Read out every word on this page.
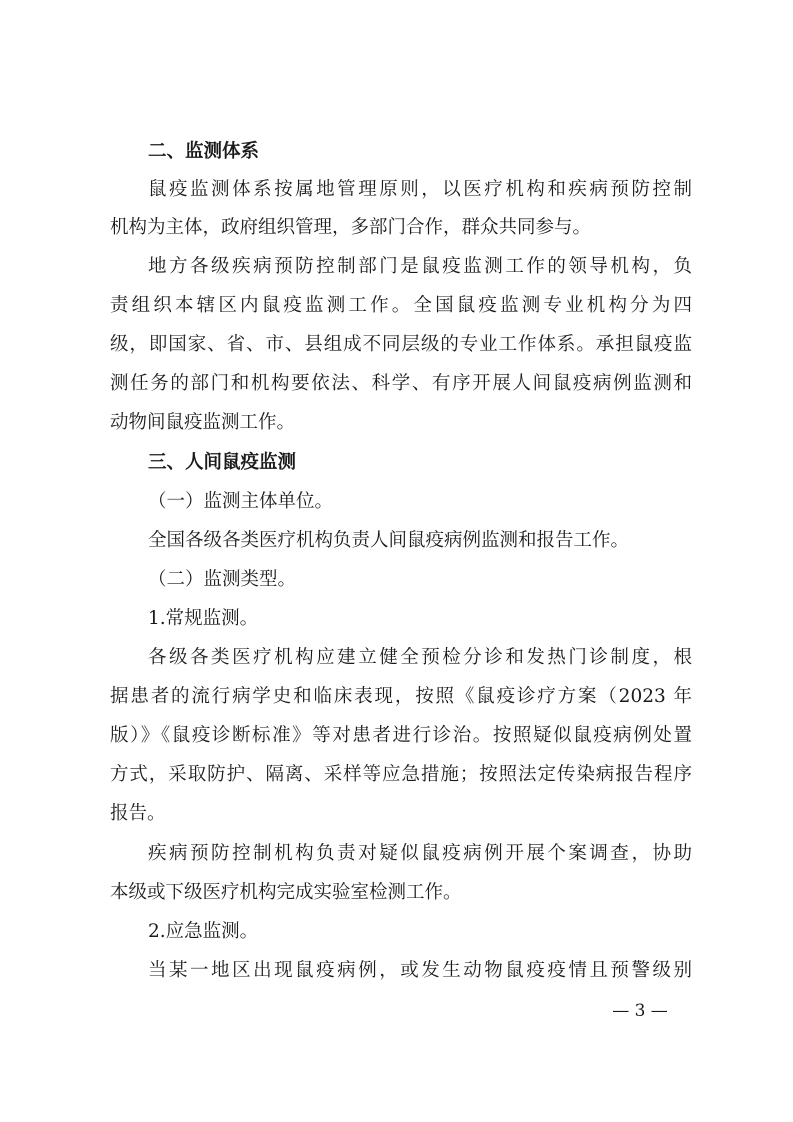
二、监测体系
鼠疫监测体系按属地管理原则，以医疗机构和疾病预防控制
机构为主体，政府组织管理，多部门合作，群众共同参与。
地方各级疾病预防控制部门是鼠疫监测工作的领导机构，负
责组织本辖区内鼠疫监测工作。全国鼠疫监测专业机构分为四
级，即国家、省、市、县组成不同层级的专业工作体系。承担鼠疫监
测任务的部门和机构要依法、科学、有序开展人间鼠疫病例监测和
动物间鼠疫监测工作。
三、人间鼠疫监测
（一）监测主体单位。
全国各级各类医疗机构负责人间鼠疫病例监测和报告工作。
（二）监测类型。
1.常规监测。
各级各类医疗机构应建立健全预检分诊和发热门诊制度，根
据患者的流行病学史和临床表现，按照《鼠疫诊疗方案（2023 年
版）》《鼠疫诊断标准》等对患者进行诊治。按照疑似鼠疫病例处置
方式，采取防护、隔离、采样等应急措施；按照法定传染病报告程序
报告。
疾病预防控制机构负责对疑似鼠疫病例开展个案调查，协助
本级或下级医疗机构完成实验室检测工作。
2.应急监测。
当某一地区出现鼠疫病例，或发生动物鼠疫疫情且预警级别
— 3 —
